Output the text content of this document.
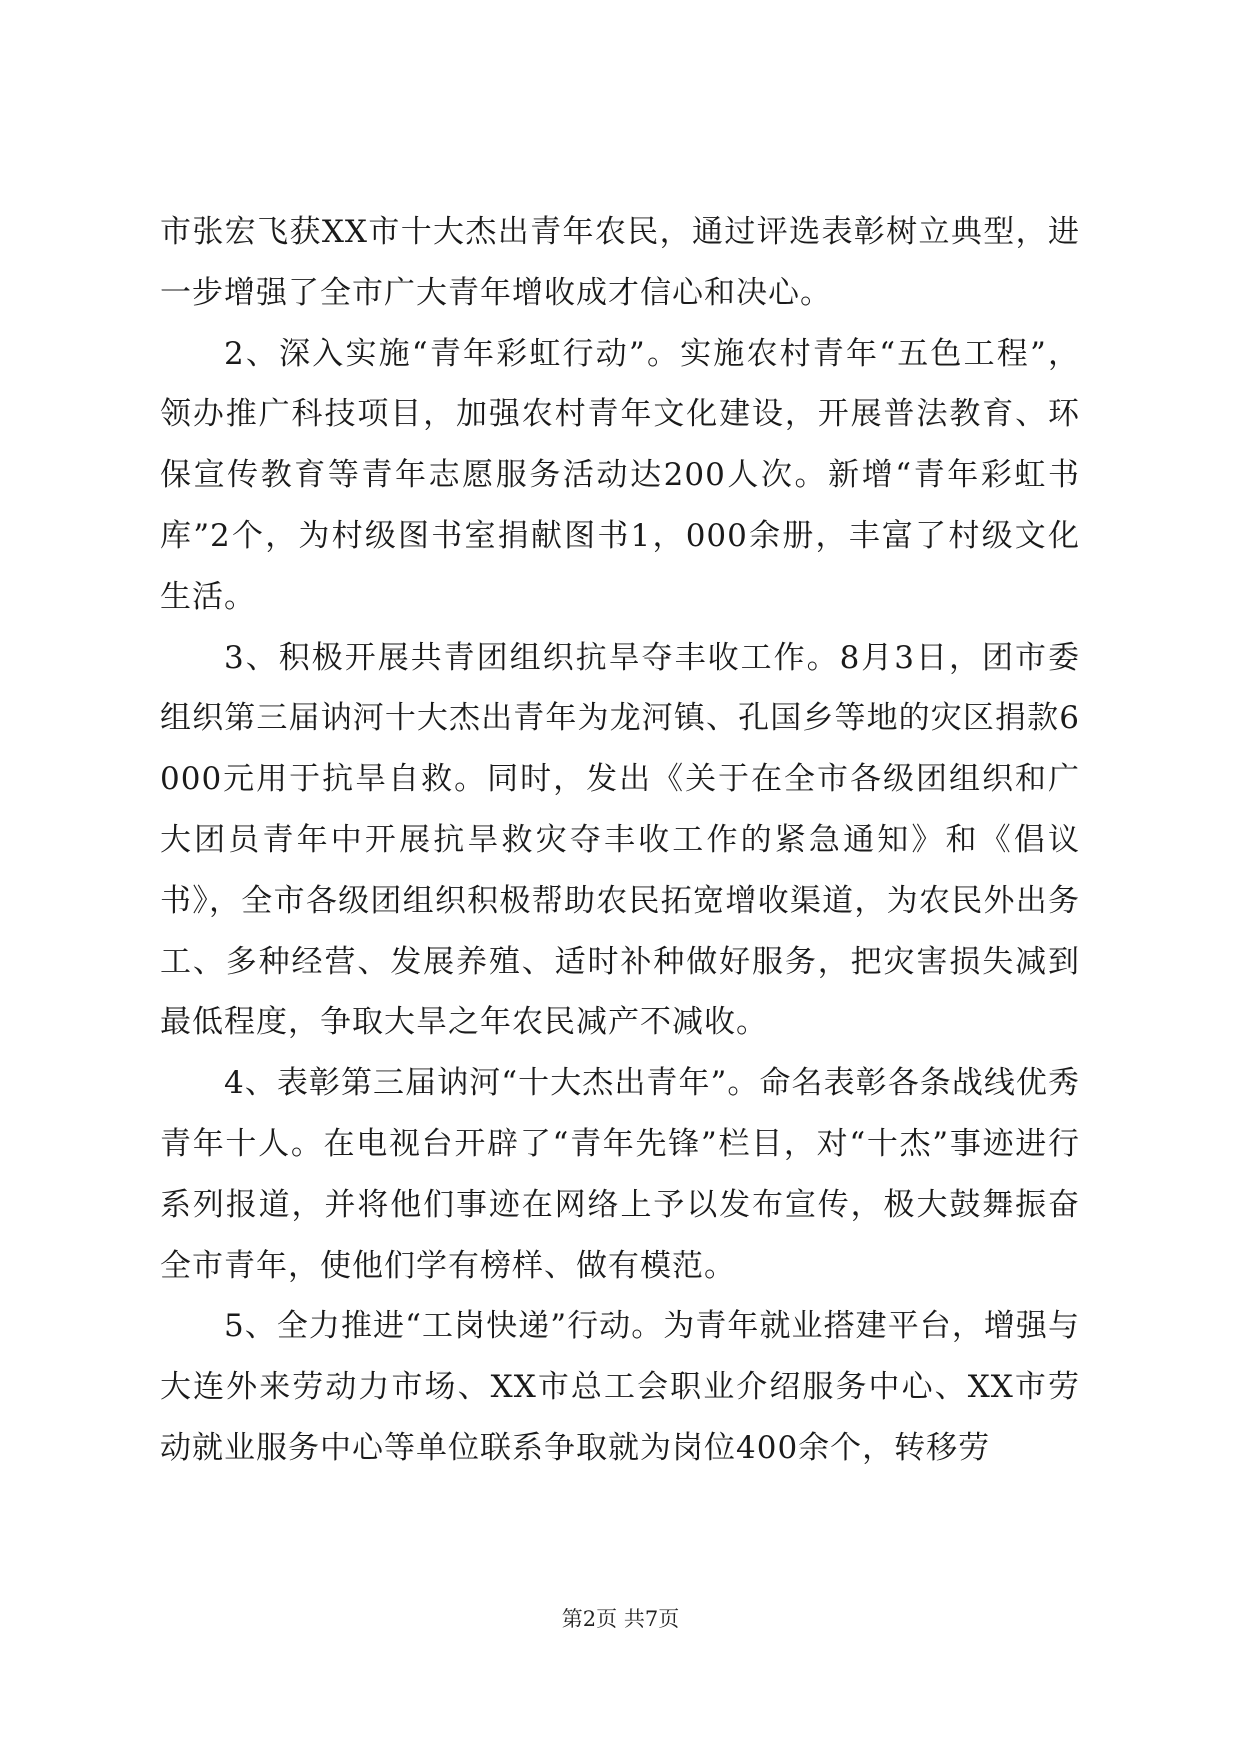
市张宏飞获XX市十大杰出青年农民，通过评选表彰树立典型，进一步增强了全市广大青年增收成才信心和决心。

2、深入实施“青年彩虹行动”。实施农村青年“五色工程”，领办推广科技项目，加强农村青年文化建设，开展普法教育、环保宣传教育等青年志愿服务活动达200人次。新增“青年彩虹书库”2个，为村级图书室捐献图书1，000余册，丰富了村级文化生活。

3、积极开展共青团组织抗旱夺丰收工作。8月3日，团市委组织第三届讷河十大杰出青年为龙河镇、孔国乡等地的灾区捐款6000元用于抗旱自救。同时，发出《关于在全市各级团组织和广大团员青年中开展抗旱救灾夺丰收工作的紧急通知》和《倡议书》，全市各级团组织积极帮助农民拓宽增收渠道，为农民外出务工、多种经营、发展养殖、适时补种做好服务，把灾害损失减到最低程度，争取大旱之年农民减产不减收。

4、表彰第三届讷河“十大杰出青年”。命名表彰各条战线优秀青年十人。在电视台开辟了“青年先锋”栏目，对“十杰”事迹进行系列报道，并将他们事迹在网络上予以发布宣传，极大鼓舞振奋全市青年，使他们学有榜样、做有模范。

5、全力推进“工岗快递”行动。为青年就业搭建平台，增强与大连外来劳动力市场、XX市总工会职业介绍服务中心、XX市劳动就业服务中心等单位联系争取就为岗位400余个，转移劳

第2页 共7页
